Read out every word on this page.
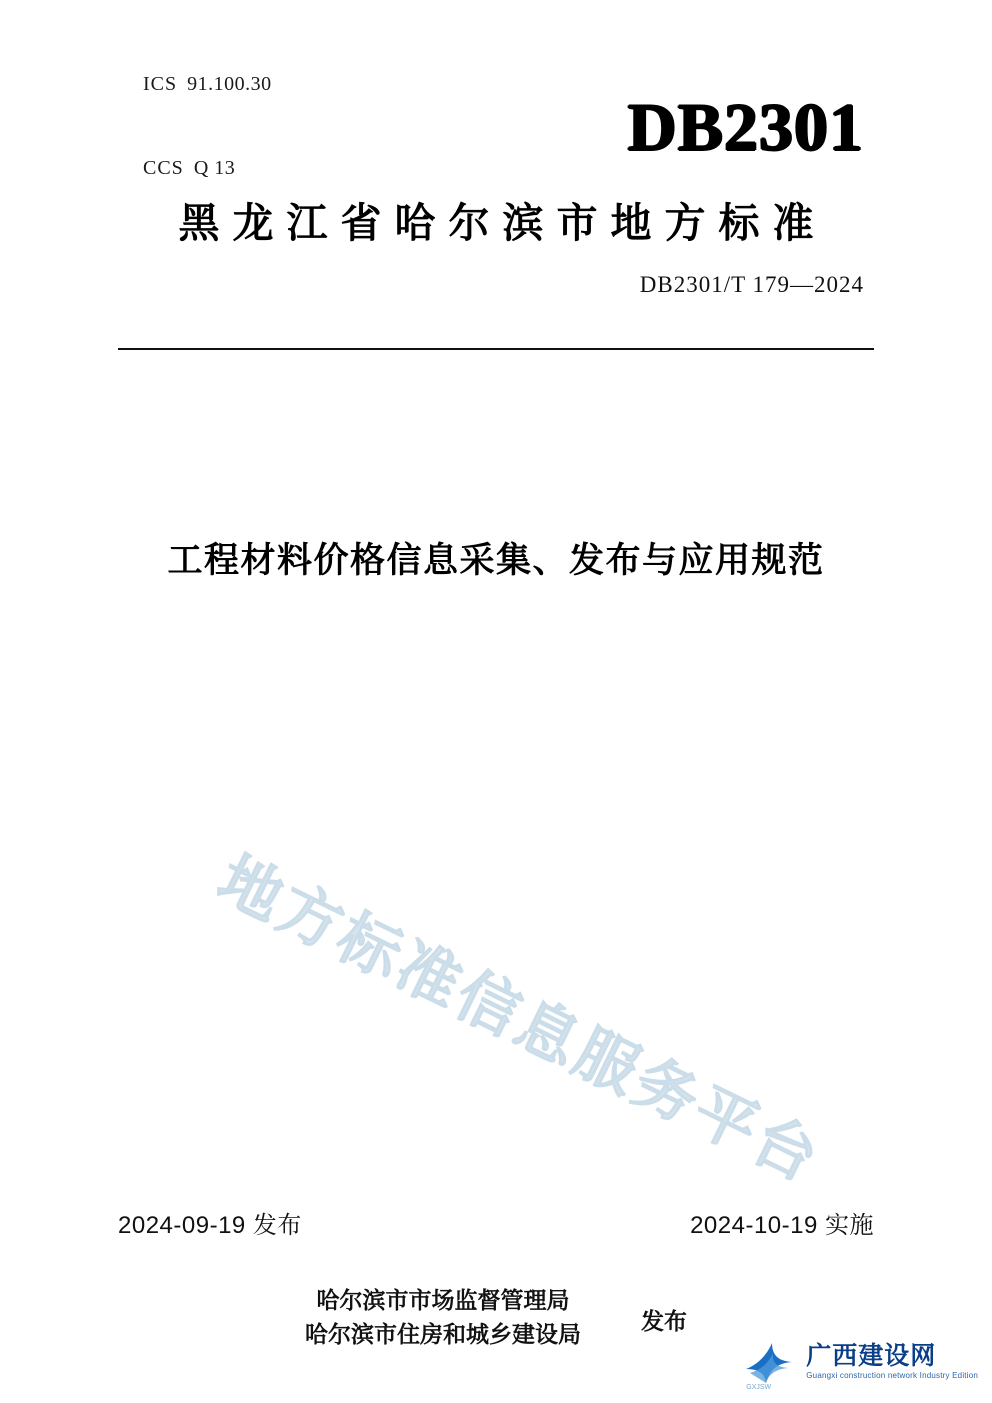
ICS 91.100.30

CCS Q 13

DB2301
黑龙江省哈尔滨市地方标准
DB2301/T 179—2024
工程材料价格信息采集、发布与应用规范
地方标准信息服务平台
2024-09-19 发布	2024-10-19 实施
哈尔滨市市场监督管理局
哈尔滨市住房和城乡建设局
发布
GXJSW
广西建设网
Guangxi construction network Industry Edition
